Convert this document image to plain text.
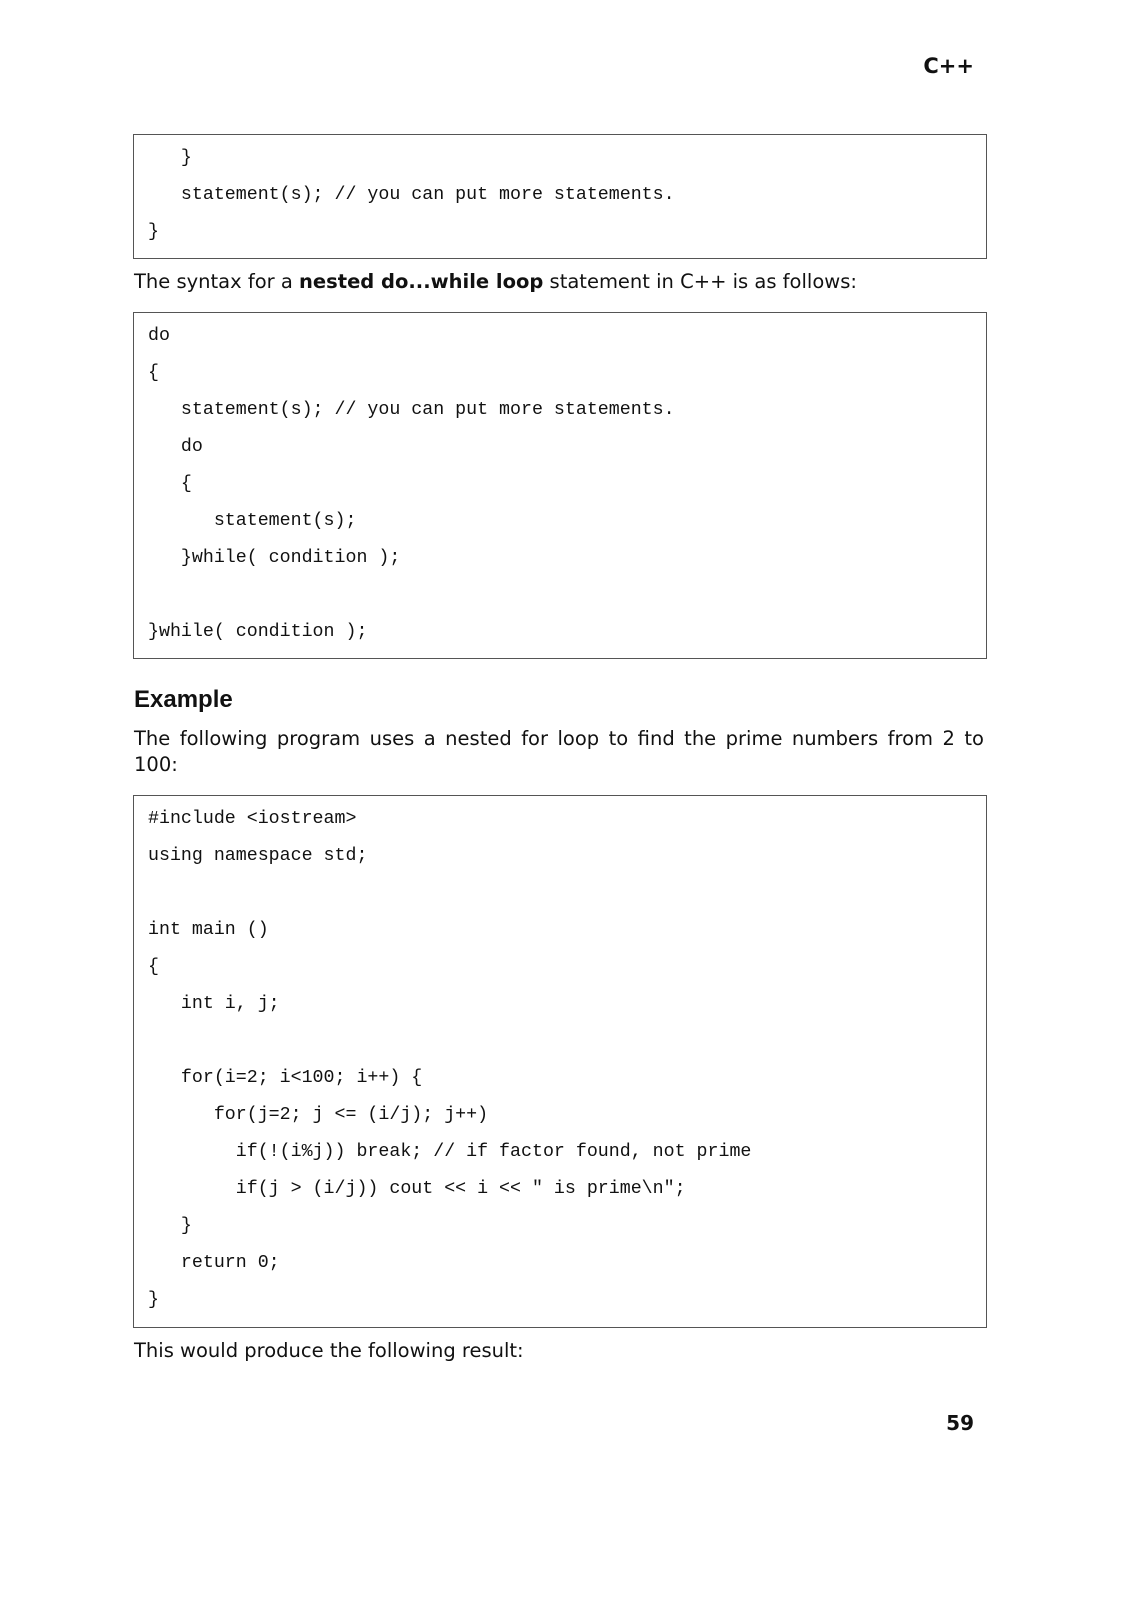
C++
}
statement(s); // you can put more statements.
}
The syntax for a nested do...while loop statement in C++ is as follows:
do
{
statement(s); // you can put more statements.
do
{
statement(s);
}while( condition );
}while( condition );
Example
The following program uses a nested for loop to find the prime numbers from 2 to 100:
#include <iostream>
using namespace std;
int main ()
{
int i, j;
for(i=2; i<100; i++) {
for(j=2; j <= (i/j); j++)
if(!(i%j)) break; // if factor found, not prime
if(j > (i/j)) cout << i << " is prime\n";
}
return 0;
}
This would produce the following result:
59
